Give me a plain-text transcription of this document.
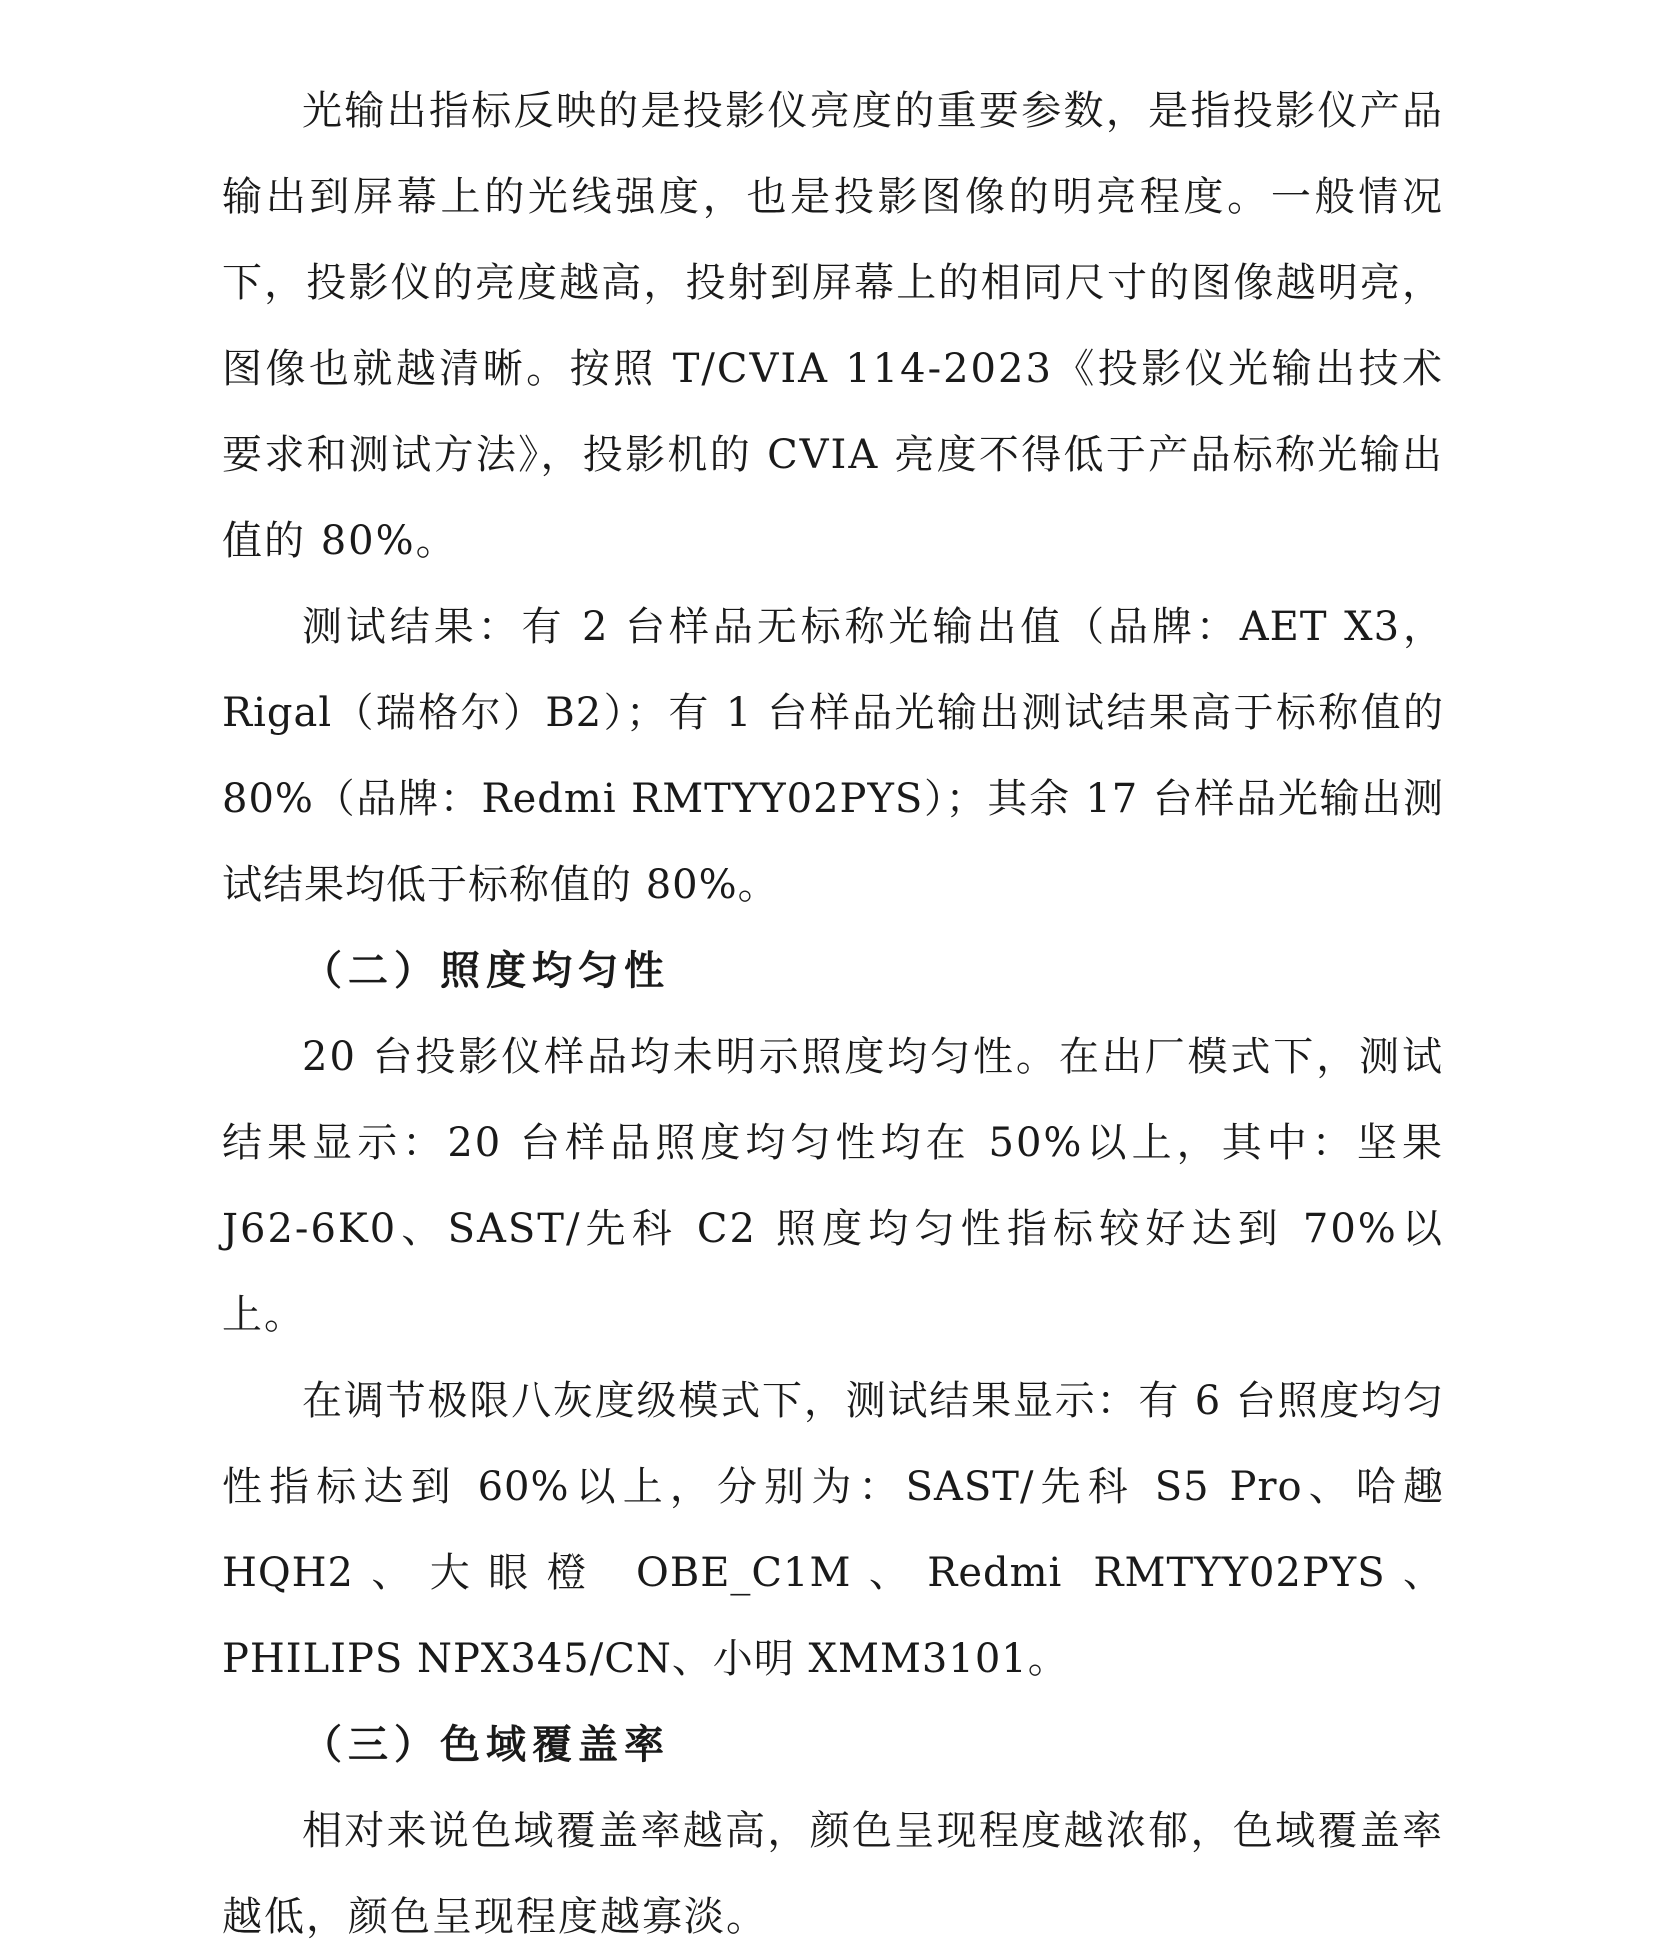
光输出指标反映的是投影仪亮度的重要参数，是指投影仪产品输出到屏幕上的光线强度，也是投影图像的明亮程度。一般情况下，投影仪的亮度越高，投射到屏幕上的相同尺寸的图像越明亮，图像也就越清晰。按照 T/CVIA 114-2023《投影仪光输出技术要求和测试方法》，投影机的 CVIA 亮度不得低于产品标称光输出值的 80%。

测试结果：有 2 台样品无标称光输出值（品牌：AET X3，Rigal（瑞格尔）B2）；有 1 台样品光输出测试结果高于标称值的 80%（品牌：Redmi RMTYY02PYS）；其余 17 台样品光输出测试结果均低于标称值的 80%。

（二）照度均匀性

20 台投影仪样品均未明示照度均匀性。在出厂模式下，测试结果显示：20 台样品照度均匀性均在 50%以上，其中：坚果 J62-6K0、SAST/先科 C2 照度均匀性指标较好达到 70%以上。

在调节极限八灰度级模式下，测试结果显示：有 6 台照度均匀性指标达到 60%以上，分别为：SAST/先科 S5 Pro、哈趣 HQH2、大眼橙 OBE_C1M、Redmi RMTYY02PYS、PHILIPS NPX345/CN、小明 XMM3101。

（三）色域覆盖率

相对来说色域覆盖率越高，颜色呈现程度越浓郁，色域覆盖率越低，颜色呈现程度越寡淡。
